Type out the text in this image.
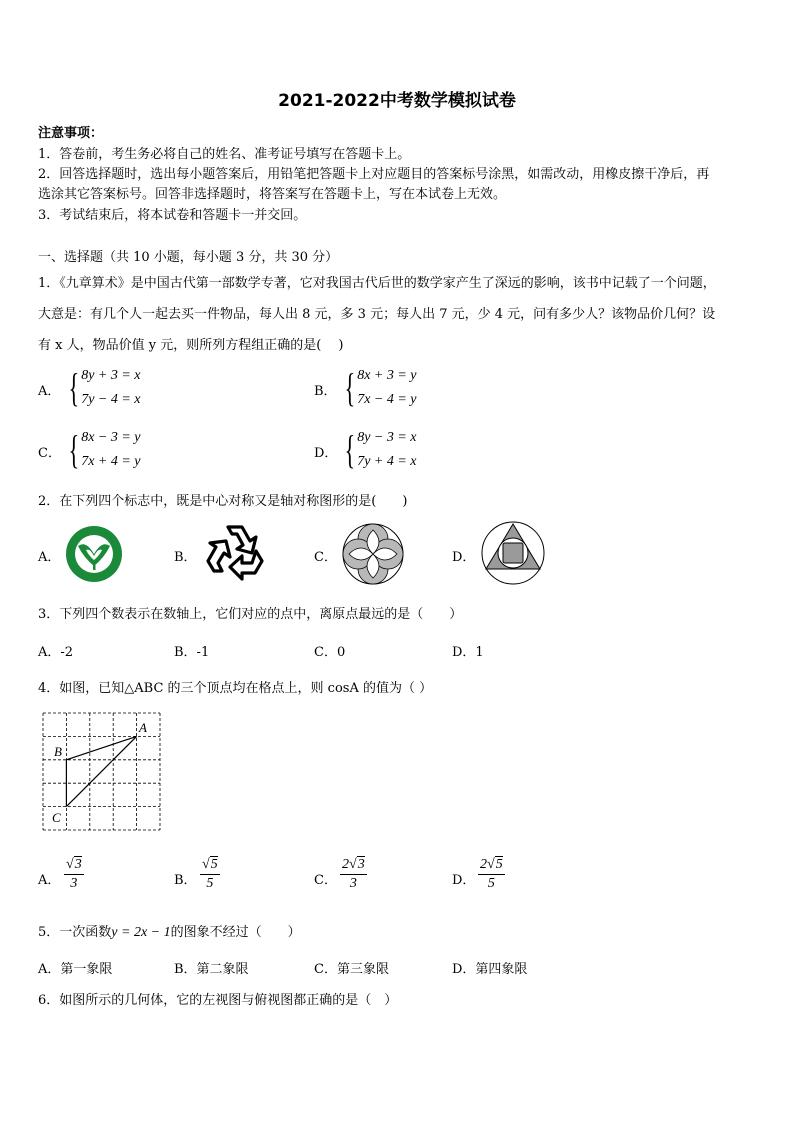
2021-2022中考数学模拟试卷
注意事项：
1．答卷前，考生务必将自己的姓名、准考证号填写在答题卡上。
2．回答选择题时，选出每小题答案后，用铅笔把答题卡上对应题目的答案标号涂黑，如需改动，用橡皮擦干净后，再
选涂其它答案标号。回答非选择题时，将答案写在答题卡上，写在本试卷上无效。
3．考试结束后，将本试卷和答题卡一并交回。
一、选择题（共 10 小题，每小题 3 分，共 30 分）
1．《九章算术》是中国古代第一部数学专著，它对我国古代后世的数学家产生了深远的影响，该书中记载了一个问题，
大意是：有几个人一起去买一件物品，每人出 8 元，多 3 元；每人出 7 元，少 4 元，问有多少人？该物品价几何？设
有 x 人，物品价值 y 元，则所列方程组正确的是(　 )
A． { 8y + 3 = x
7y − 4 = x
B． { 8x + 3 = y
7x − 4 = y
C． { 8x − 3 = y
7x + 4 = y
D． { 8y − 3 = x
7y + 4 = x
2．在下列四个标志中，既是中心对称又是轴对称图形的是(　　)
A．	B．	C．	D．
3．下列四个数表示在数轴上，它们对应的点中，离原点最远的是（　　）
A．-2	B．-1	C．0	D．1
4．如图，已知△ABC 的三个顶点均在格点上，则 cosA 的值为（ ）
A
B
C
A． $\frac{√3}{3}$	B． $\frac{√5}{5}$	C． $\frac{2√3}{3}$	D． $\frac{2√5}{5}$
5．一次函数y = 2x − 1的图象不经过（　　）
A．第一象限	B．第二象限	C．第三象限	D．第四象限
6．如图所示的几何体，它的左视图与俯视图都正确的是（　）
